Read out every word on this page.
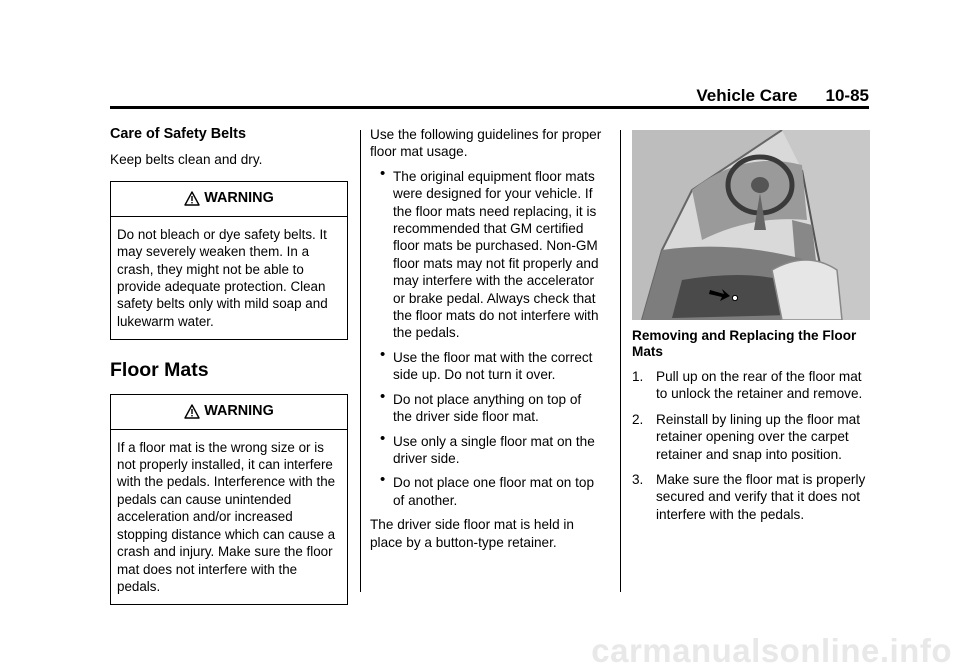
Vehicle Care 10-85
Care of Safety Belts

Keep belts clean and dry.

WARNING
Do not bleach or dye safety belts. It may severely weaken them. In a crash, they might not be able to provide adequate protection. Clean safety belts only with mild soap and lukewarm water.
Floor Mats
WARNING
If a floor mat is the wrong size or is not properly installed, it can interfere with the pedals. Interference with the pedals can cause unintended acceleration and/or increased stopping distance which can cause a crash and injury. Make sure the floor mat does not interfere with the pedals.

Use the following guidelines for proper floor mat usage.

• The original equipment floor mats were designed for your vehicle. If the floor mats need replacing, it is recommended that GM certified floor mats be purchased. Non-GM floor mats may not fit properly and may interfere with the accelerator or brake pedal. Always check that the floor mats do not interfere with the pedals.
• Use the floor mat with the correct side up. Do not turn it over.
• Do not place anything on top of the driver side floor mat.
• Use only a single floor mat on the driver side.
• Do not place one floor mat on top of another.

The driver side floor mat is held in place by a button-type retainer.

Removing and Replacing the Floor Mats
1. Pull up on the rear of the floor mat to unlock the retainer and remove.
2. Reinstall by lining up the floor mat retainer opening over the carpet retainer and snap into position.
3. Make sure the floor mat is properly secured and verify that it does not interfere with the pedals.
carmanualsonline.info
